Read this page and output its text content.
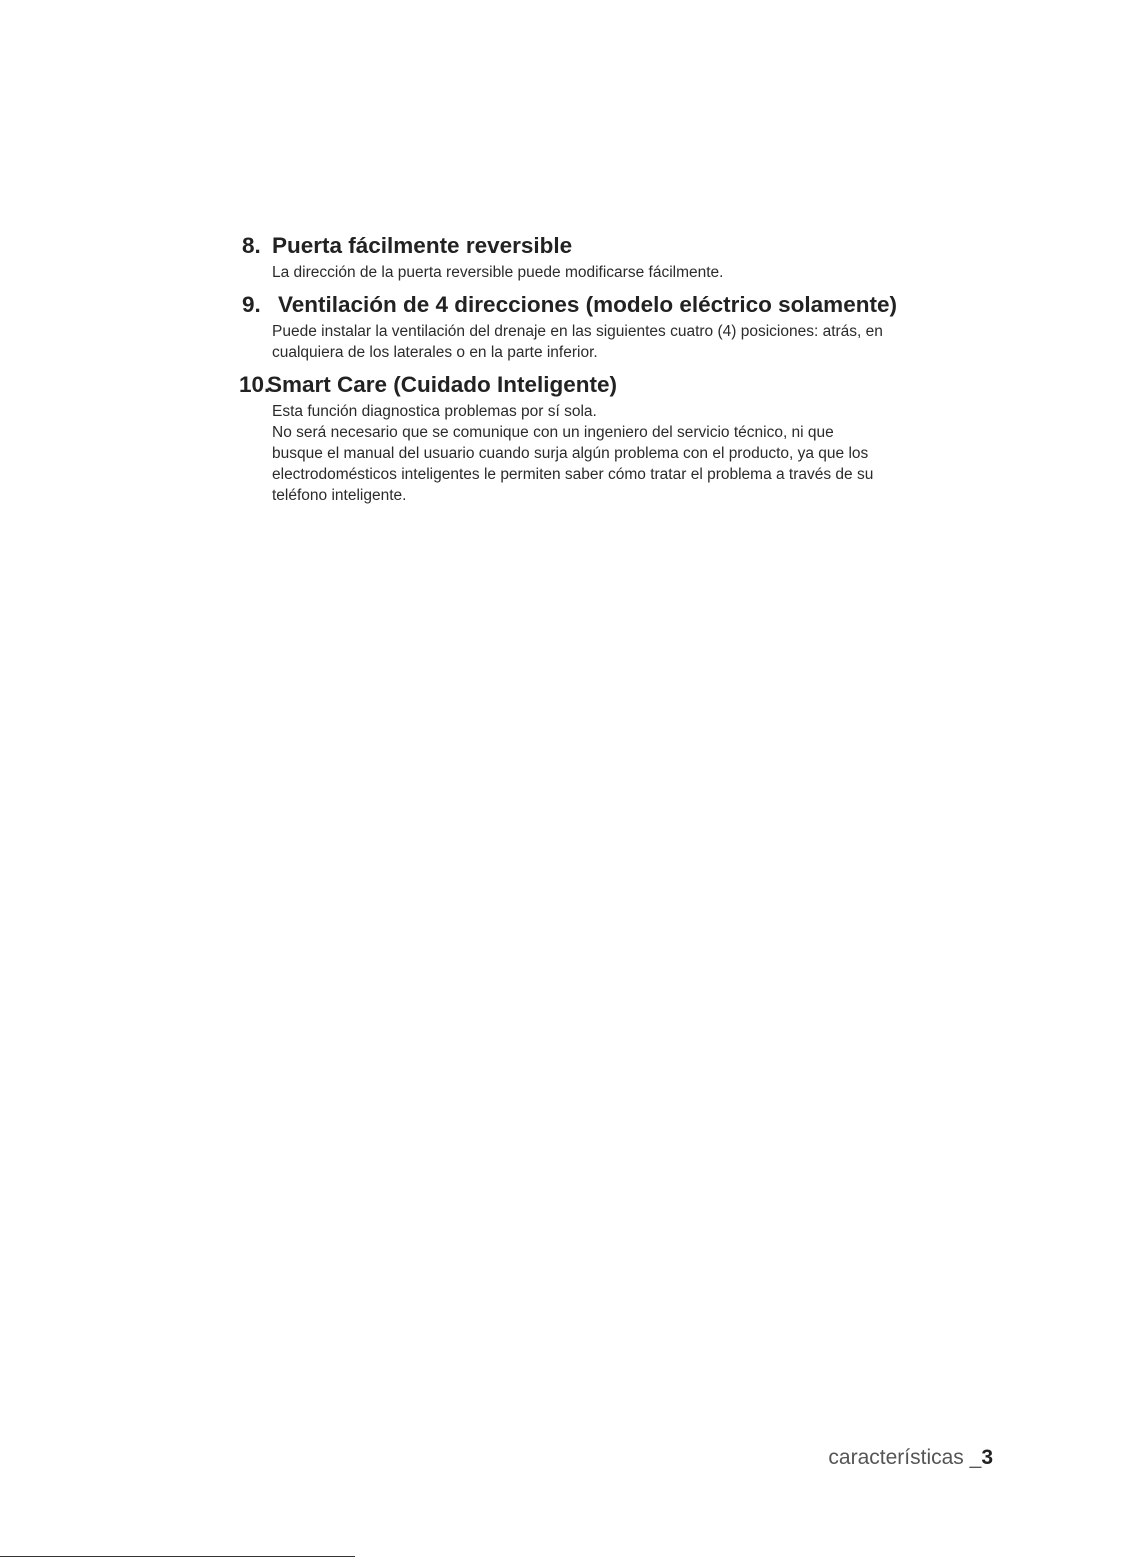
8. Puerta fácilmente reversible

La dirección de la puerta reversible puede modificarse fácilmente.

9. Ventilación de 4 direcciones (modelo eléctrico solamente)

Puede instalar la ventilación del drenaje en las siguientes cuatro (4) posiciones: atrás, en

cualquiera de los laterales o en la parte inferior.

10.
Smart Care (Cuidado Inteligente)

Esta función diagnostica problemas por sí sola.

No será necesario que se comunique con un ingeniero del servicio técnico, ni que

busque el manual del usuario cuando surja algún problema con el producto, ya que los

electrodomésticos inteligentes le permiten saber cómo tratar el problema a través de su

teléfono inteligente.

características _3
